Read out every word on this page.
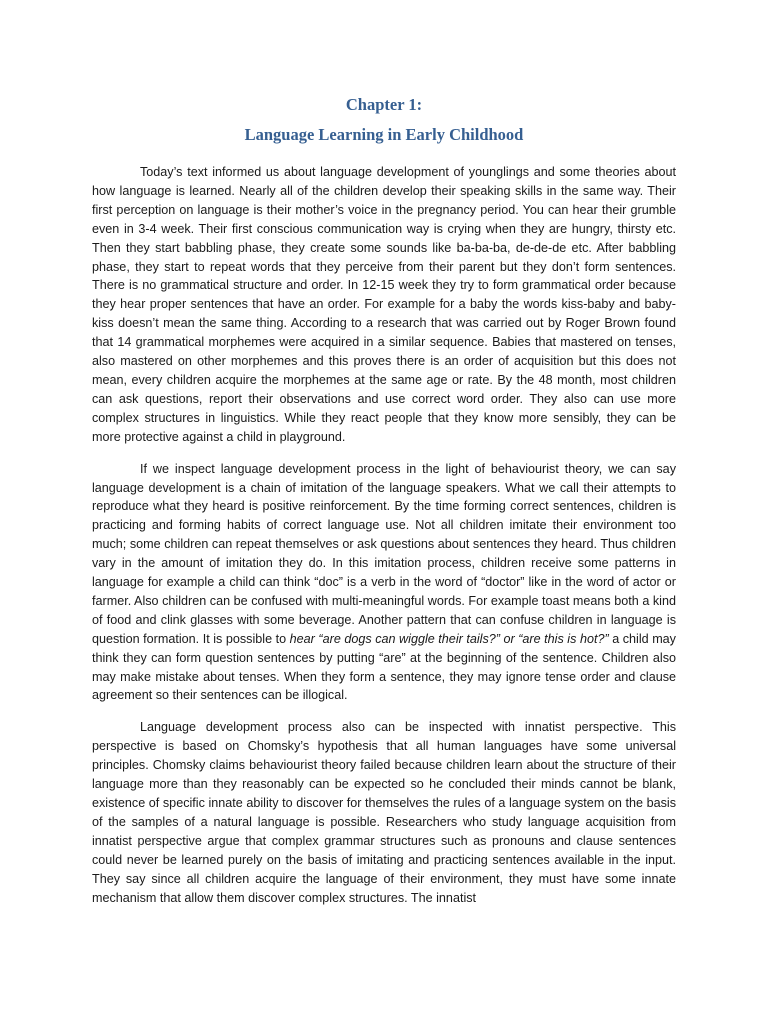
Chapter 1:
Language Learning in Early Childhood

Today’s text informed us about language development of younglings and some theories about how language is learned. Nearly all of the children develop their speaking skills in the same way. Their first perception on language is their mother’s voice in the pregnancy period. You can hear their grumble even in 3-4 week. Their first conscious communication way is crying when they are hungry, thirsty etc. Then they start babbling phase, they create some sounds like ba-ba-ba, de-de-de etc. After babbling phase, they start to repeat words that they perceive from their parent but they don’t form sentences. There is no grammatical structure and order. In 12-15 week they try to form grammatical order because they hear proper sentences that have an order. For example for a baby the words kiss-baby and baby-kiss doesn’t mean the same thing. According to a research that was carried out by Roger Brown found that 14 grammatical morphemes were acquired in a similar sequence. Babies that mastered on tenses, also mastered on other morphemes and this proves there is an order of acquisition but this does not mean, every children acquire the morphemes at the same age or rate. By the 48 month, most children can ask questions, report their observations and use correct word order. They also can use more complex structures in linguistics. While they react people that they know more sensibly, they can be more protective against a child in playground.

If we inspect language development process in the light of behaviourist theory, we can say language development is a chain of imitation of the language speakers. What we call their attempts to reproduce what they heard is positive reinforcement. By the time forming correct sentences, children is practicing and forming habits of correct language use. Not all children imitate their environment too much; some children can repeat themselves or ask questions about sentences they heard. Thus children vary in the amount of imitation they do. In this imitation process, children receive some patterns in language for example a child can think “doc” is a verb in the word of “doctor” like in the word of actor or farmer. Also children can be confused with multi-meaningful words. For example toast means both a kind of food and clink glasses with some beverage. Another pattern that can confuse children in language is question formation. It is possible to hear “are dogs can wiggle their tails?” or “are this is hot?” a child may think they can form question sentences by putting “are” at the beginning of the sentence. Children also may make mistake about tenses. When they form a sentence, they may ignore tense order and clause agreement so their sentences can be illogical.

Language development process also can be inspected with innatist perspective. This perspective is based on Chomsky’s hypothesis that all human languages have some universal principles. Chomsky claims behaviourist theory failed because children learn about the structure of their language more than they reasonably can be expected so he concluded their minds cannot be blank, existence of specific innate ability to discover for themselves the rules of a language system on the basis of the samples of a natural language is possible. Researchers who study language acquisition from innatist perspective argue that complex grammar structures such as pronouns and clause sentences could never be learned purely on the basis of imitating and practicing sentences available in the input. They say since all children acquire the language of their environment, they must have some innate mechanism that allow them discover complex structures. The innatist
